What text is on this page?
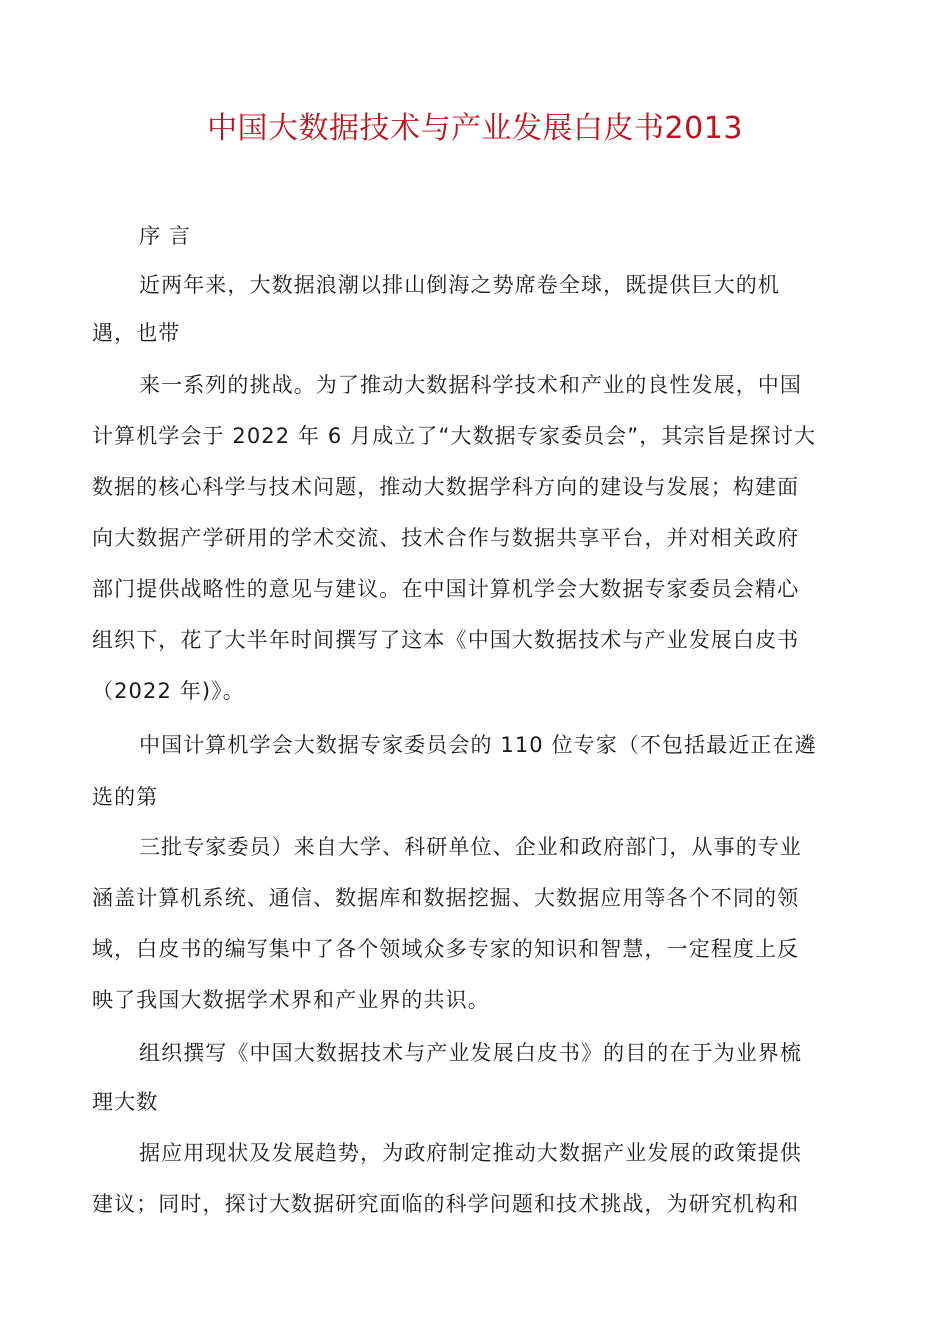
中国大数据技术与产业发展白皮书2013
序 言
近两年来，大数据浪潮以排山倒海之势席卷全球，既提供巨大的机
遇，也带
来一系列的挑战。为了推动大数据科学技术和产业的良性发展，中国
计算机学会于 2022 年 6 月成立了“大数据专家委员会”，其宗旨是探讨大
数据的核心科学与技术问题，推动大数据学科方向的建设与发展；构建面
向大数据产学研用的学术交流、技术合作与数据共享平台，并对相关政府
部门提供战略性的意见与建议。在中国计算机学会大数据专家委员会精心
组织下，花了大半年时间撰写了这本《中国大数据技术与产业发展白皮书
（2022 年)》。
中国计算机学会大数据专家委员会的 110 位专家（不包括最近正在遴
选的第
三批专家委员）来自大学、科研单位、企业和政府部门，从事的专业
涵盖计算机系统、通信、数据库和数据挖掘、大数据应用等各个不同的领
域，白皮书的编写集中了各个领域众多专家的知识和智慧，一定程度上反
映了我国大数据学术界和产业界的共识。
组织撰写《中国大数据技术与产业发展白皮书》的目的在于为业界梳
理大数
据应用现状及发展趋势，为政府制定推动大数据产业发展的政策提供
建议；同时，探讨大数据研究面临的科学问题和技术挑战，为研究机构和
